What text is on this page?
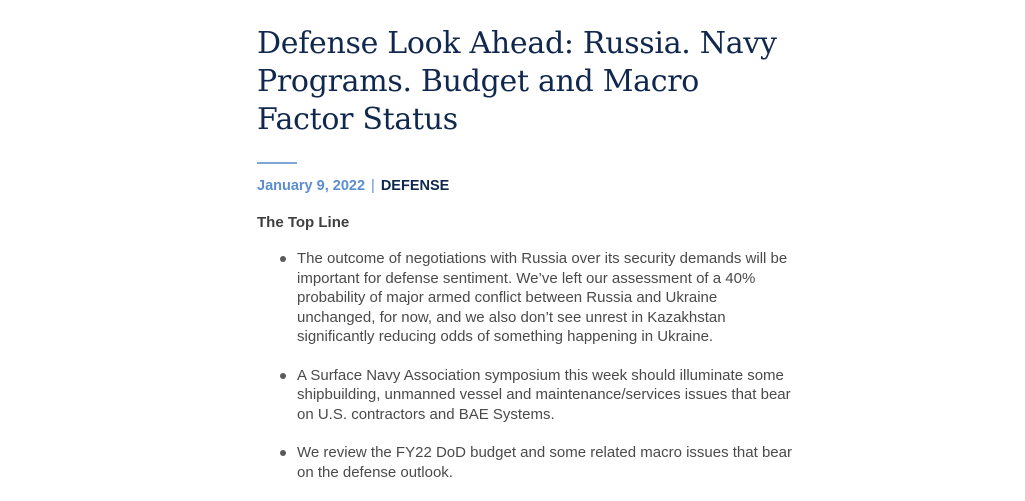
Defense Look Ahead: Russia. Navy Programs. Budget and Macro Factor Status
January 9, 2022 | DEFENSE
The Top Line
The outcome of negotiations with Russia over its security demands will be important for defense sentiment. We’ve left our assessment of a 40% probability of major armed conflict between Russia and Ukraine unchanged, for now, and we also don’t see unrest in Kazakhstan significantly reducing odds of something happening in Ukraine.
A Surface Navy Association symposium this week should illuminate some shipbuilding, unmanned vessel and maintenance/services issues that bear on U.S. contractors and BAE Systems.
We review the FY22 DoD budget and some related macro issues that bear on the defense outlook.
